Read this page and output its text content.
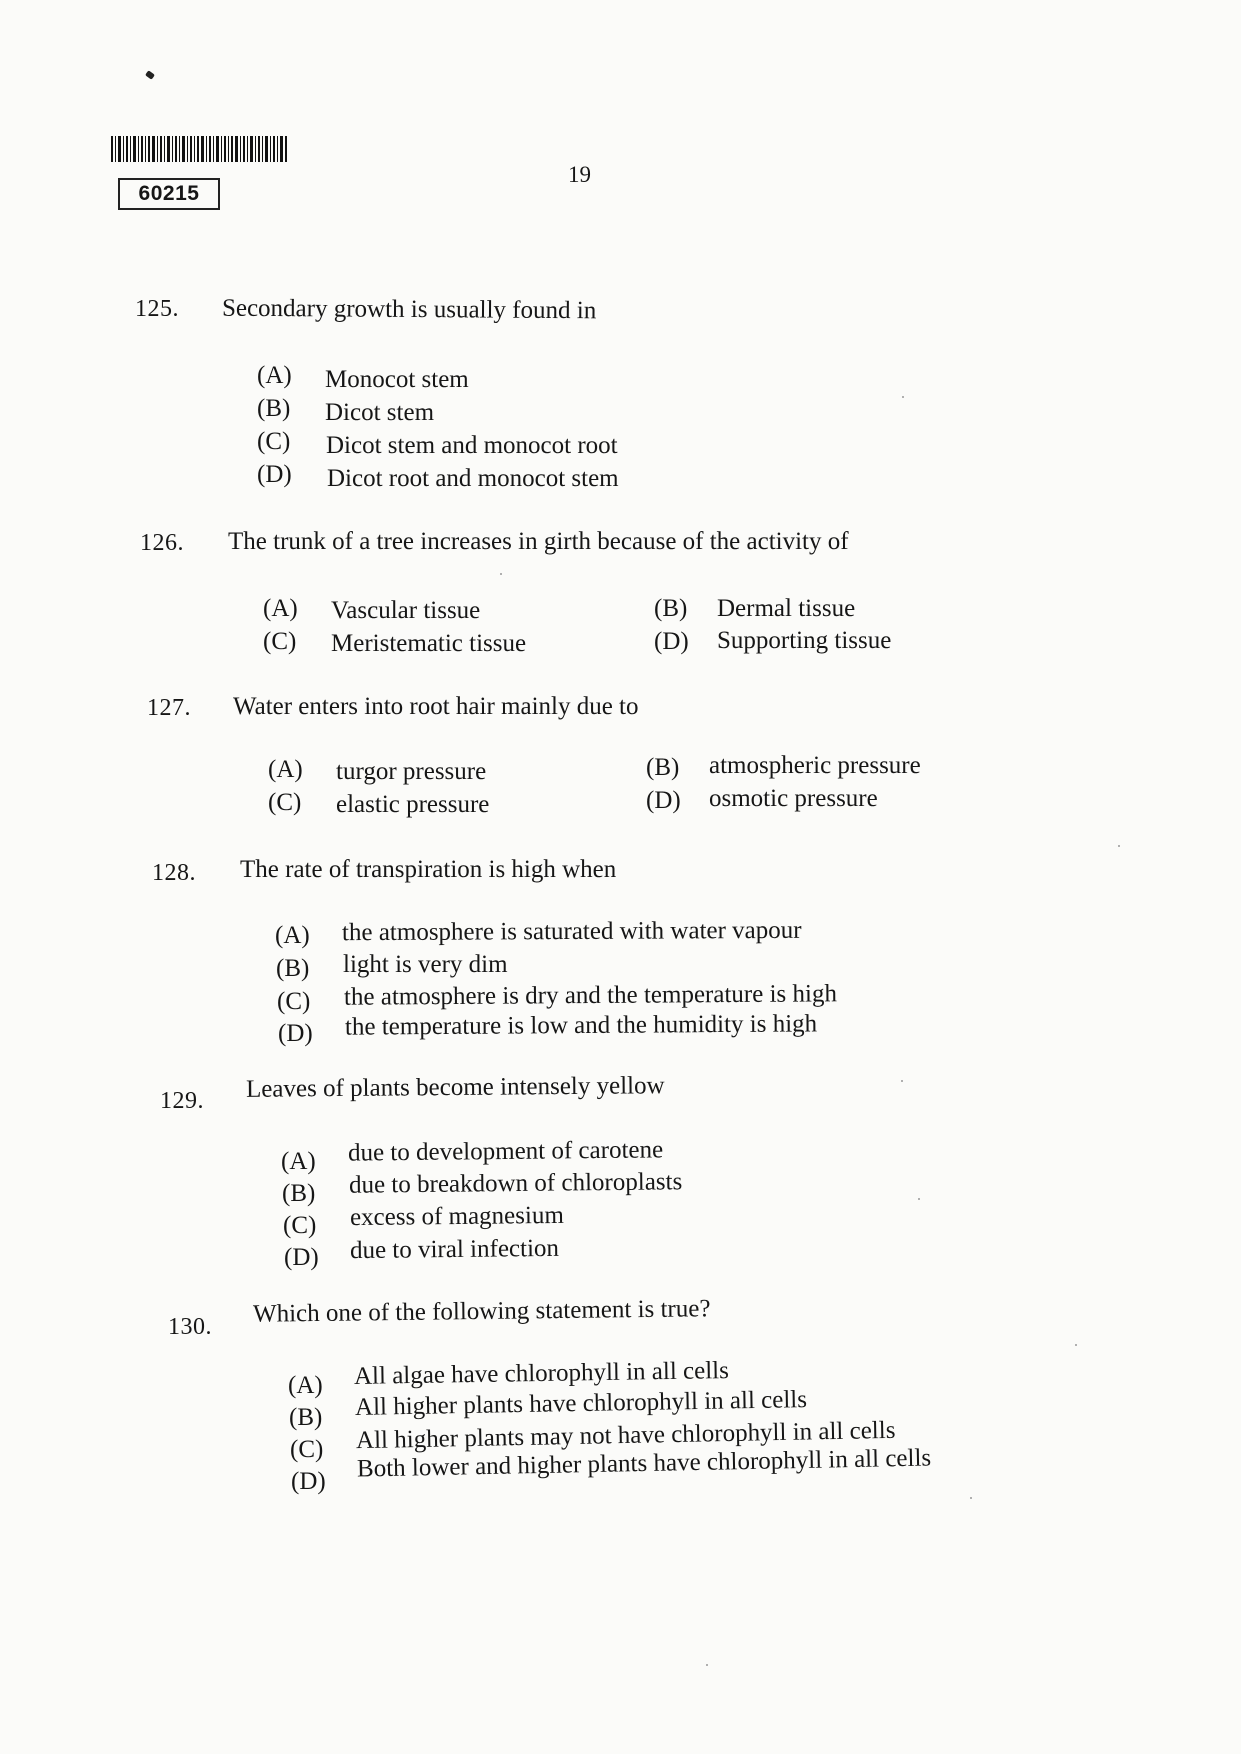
60215
19
125. Secondary growth is usually found in
(A) Monocot stem
(B) Dicot stem
(C) Dicot stem and monocot root
(D) Dicot root and monocot stem
126. The trunk of a tree increases in girth because of the activity of
(A) Vascular tissue	(B) Dermal tissue
(C) Meristematic tissue	(D) Supporting tissue
127. Water enters into root hair mainly due to
(A) turgor pressure	(B) atmospheric pressure
(C) elastic pressure	(D) osmotic pressure
128. The rate of transpiration is high when
(A) the atmosphere is saturated with water vapour
(B) light is very dim
(C) the atmosphere is dry and the temperature is high
(D) the temperature is low and the humidity is high
129. Leaves of plants become intensely yellow
(A) due to development of carotene
(B) due to breakdown of chloroplasts
(C) excess of magnesium
(D) due to viral infection
130. Which one of the following statement is true?
(A) All algae have chlorophyll in all cells
(B) All higher plants have chlorophyll in all cells
(C) All higher plants may not have chlorophyll in all cells
(D) Both lower and higher plants have chlorophyll in all cells
